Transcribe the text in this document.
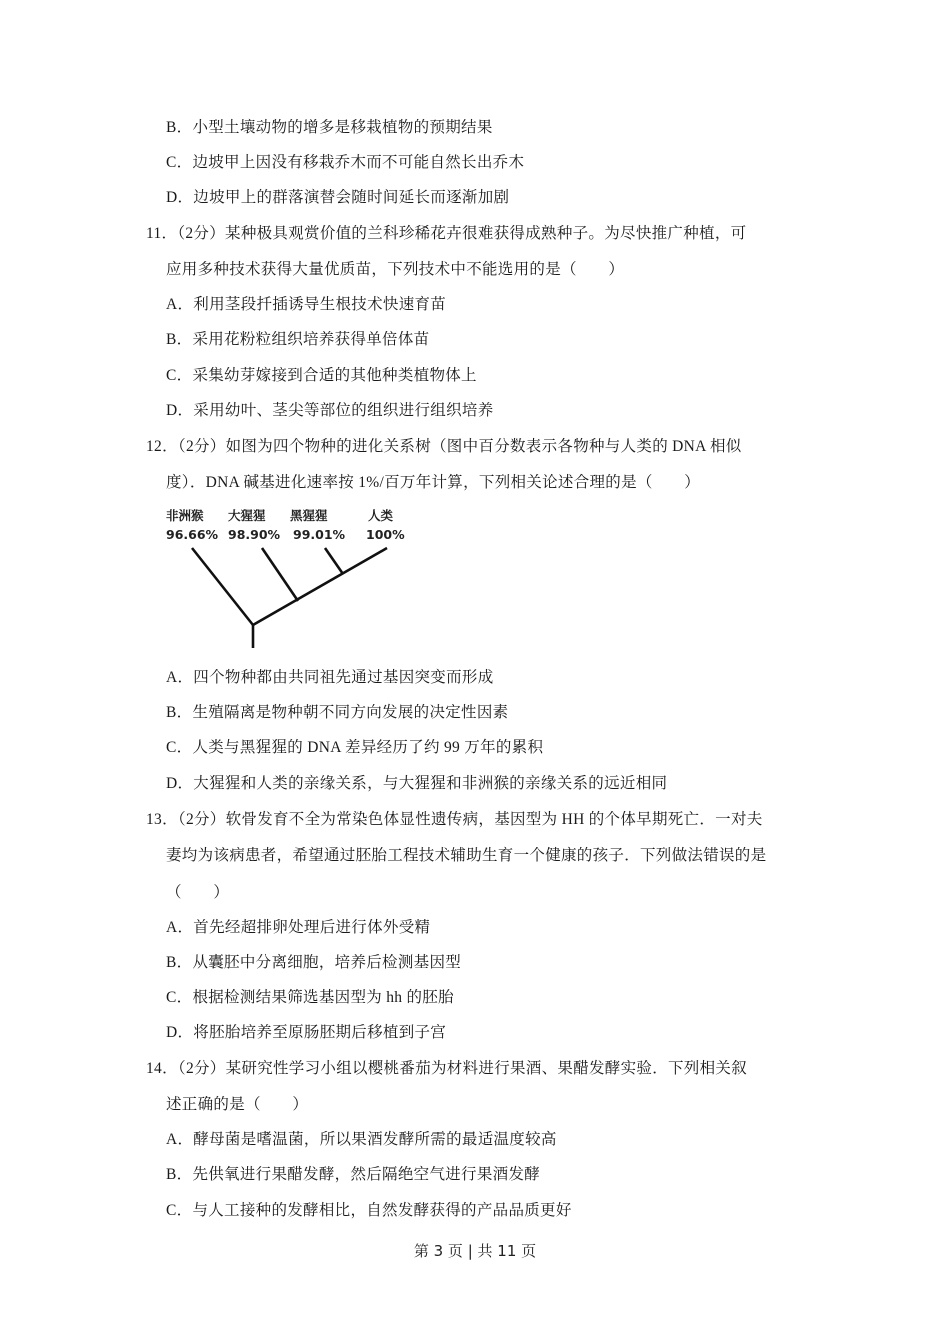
B．小型土壤动物的增多是移栽植物的预期结果
C．边坡甲上因没有移栽乔木而不可能自然长出乔木
D．边坡甲上的群落演替会随时间延长而逐渐加剧
11．（2分）某种极具观赏价值的兰科珍稀花卉很难获得成熟种子。为尽快推广种植，可
应用多种技术获得大量优质苗，下列技术中不能选用的是（　　）
A．利用茎段扦插诱导生根技术快速育苗
B．采用花粉粒组织培养获得单倍体苗
C．采集幼芽嫁接到合适的其他种类植物体上
D．采用幼叶、茎尖等部位的组织进行组织培养
12．（2分）如图为四个物种的进化关系树（图中百分数表示各物种与人类的 DNA 相似
度）．DNA 碱基进化速率按 1%/百万年计算，下列相关论述合理的是（　　）
非洲猴
96.66%
大猩猩
98.90%
黑猩猩
99.01%
人类
100%
A．四个物种都由共同祖先通过基因突变而形成
B．生殖隔离是物种朝不同方向发展的决定性因素
C．人类与黑猩猩的 DNA 差异经历了约 99 万年的累积
D．大猩猩和人类的亲缘关系，与大猩猩和非洲猴的亲缘关系的远近相同
13．（2分）软骨发育不全为常染色体显性遗传病，基因型为 HH 的个体早期死亡．一对夫
妻均为该病患者，希望通过胚胎工程技术辅助生育一个健康的孩子．下列做法错误的是
（　　）
A．首先经超排卵处理后进行体外受精
B．从囊胚中分离细胞，培养后检测基因型
C．根据检测结果筛选基因型为 hh 的胚胎
D．将胚胎培养至原肠胚期后移植到子宫
14．（2分）某研究性学习小组以樱桃番茄为材料进行果酒、果醋发酵实验．下列相关叙
述正确的是（　　）
A．酵母菌是嗜温菌，所以果酒发酵所需的最适温度较高
B．先供氧进行果醋发酵，然后隔绝空气进行果酒发酵
C．与人工接种的发酵相比，自然发酵获得的产品品质更好
第 3 页 | 共 11 页
